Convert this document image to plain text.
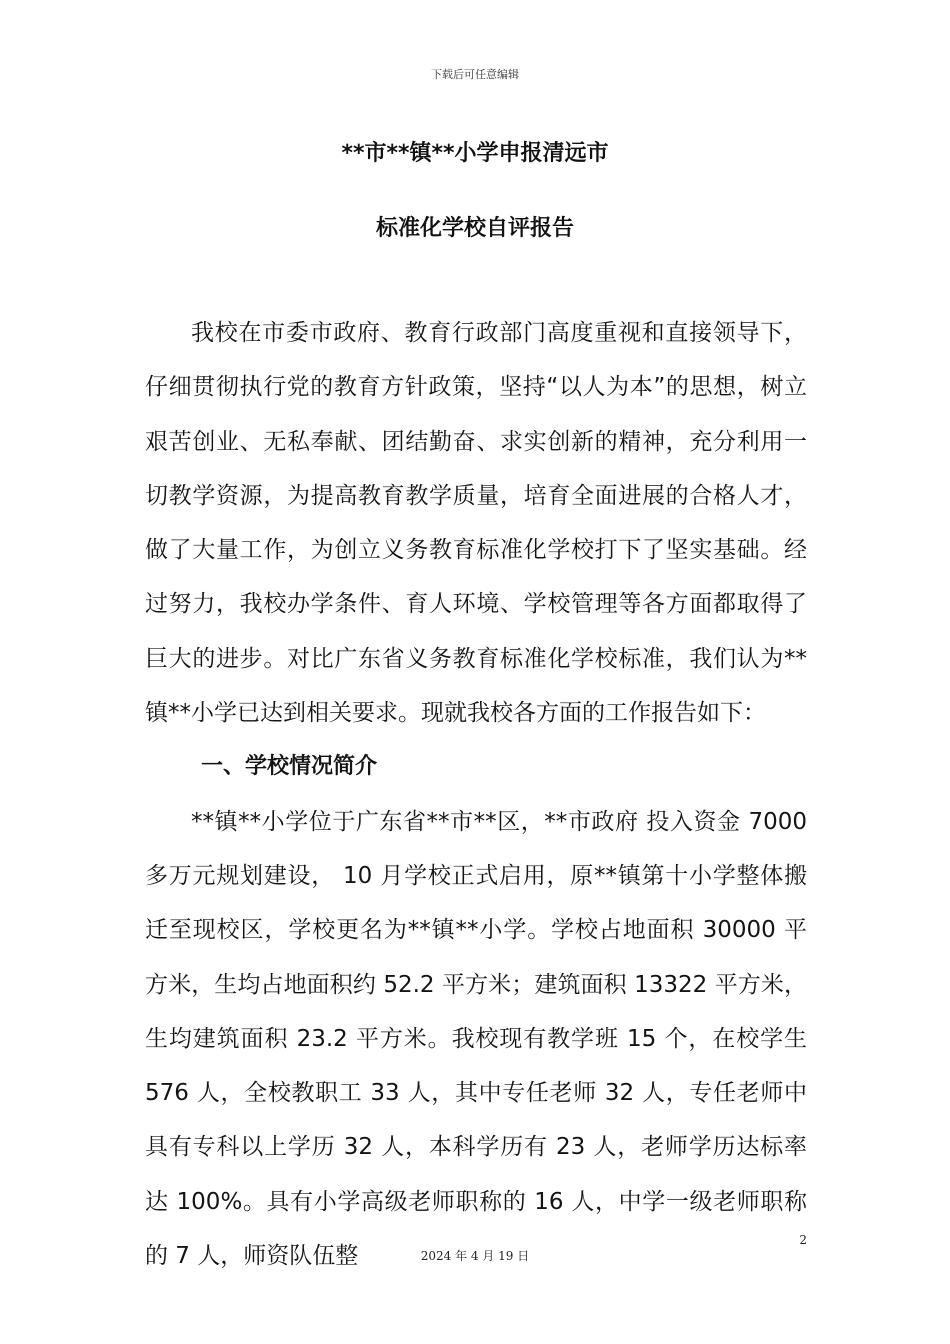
下载后可任意编辑
**市**镇**小学申报清远市
标准化学校自评报告

我校在市委市政府、教育行政部门高度重视和直接领导下，仔细贯彻执行党的教育方针政策，坚持“以人为本”的思想，树立艰苦创业、无私奉献、团结勤奋、求实创新的精神，充分利用一切教学资源，为提高教育教学质量，培育全面进展的合格人才，做了大量工作，为创立义务教育标准化学校打下了坚实基础。经过努力，我校办学条件、育人环境、学校管理等各方面都取得了巨大的进步。对比广东省义务教育标准化学校标准，我们认为**镇**小学已达到相关要求。现就我校各方面的工作报告如下：

一、学校情况简介

**镇**小学位于广东省**市**区，**市政府 投入资金 7000 多万元规划建设， 10 月学校正式启用，原**镇第十小学整体搬迁至现校区，学校更名为**镇**小学。学校占地面积 30000 平方米，生均占地面积约 52.2 平方米；建筑面积 13322 平方米，生均建筑面积 23.2 平方米。我校现有教学班 15 个，在校学生 576 人，全校教职工 33 人，其中专任老师 32 人，专任老师中具有专科以上学历 32 人，本科学历有 23 人，老师学历达标率达 100%。具有小学高级老师职称的 16 人，中学一级老师职称的 7 人，师资队伍整

2
2024 年 4 月 19 日
